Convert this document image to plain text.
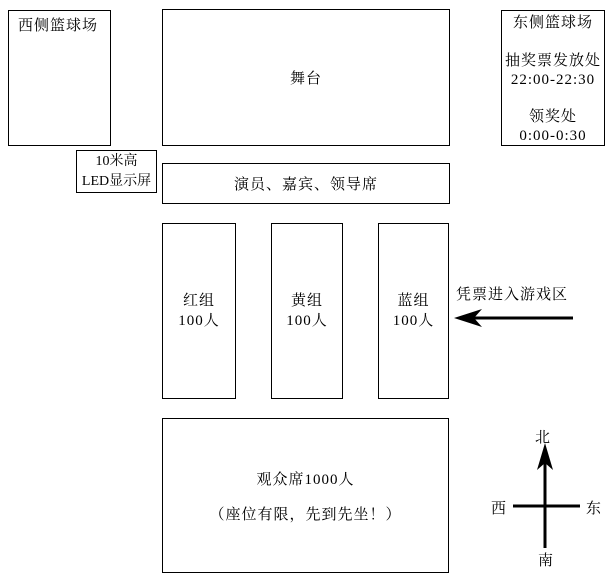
西侧篮球场
舞台
东侧篮球场
抽奖票发放处
22:00-22:30
领奖处
0:00-0:30
10米高
LED显示屏	演员、嘉宾、领导席
红组
100人
黄组
100人
蓝组
100人
凭票进入游戏区
观众席1000人
（座位有限，先到先坐！）
北
西	东
南
